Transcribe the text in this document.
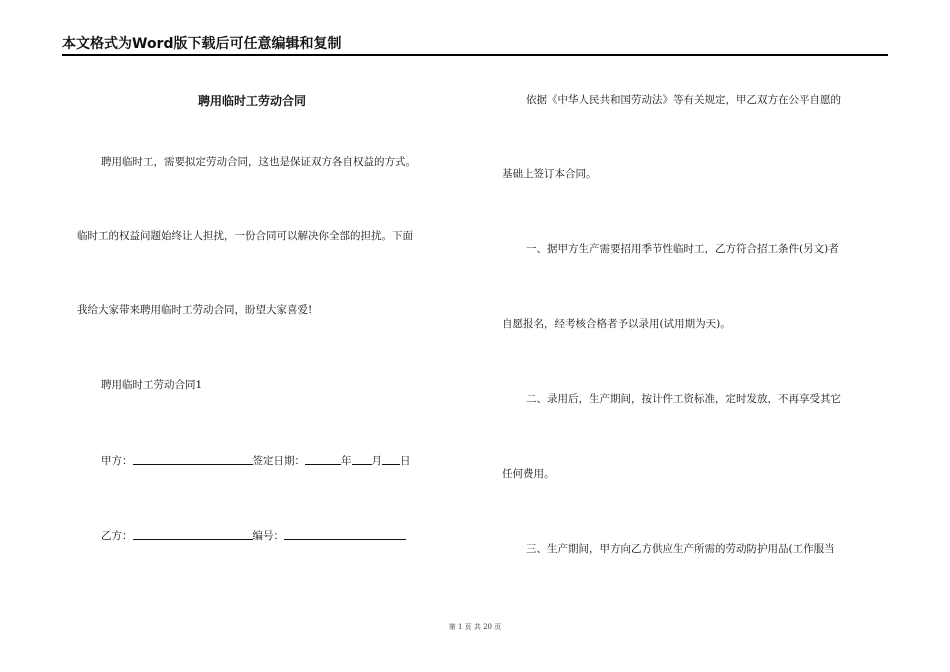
本文格式为Word版下载后可任意编辑和复制
聘用临时工劳动合同
聘用临时工，需要拟定劳动合同，这也是保证双方各自权益的方式。
临时工的权益问题始终让人担扰，一份合同可以解决你全部的担扰。下面
我给大家带来聘用临时工劳动合同，盼望大家喜爱!
聘用临时工劳动合同1
甲方：	签定日期：	年 月 日
乙方：	编号：
依据《中华人民共和国劳动法》等有关规定，甲乙双方在公平自愿的
基础上签订本合同。
一、据甲方生产需要招用季节性临时工，乙方符合招工条件(另文)者
自愿报名，经考核合格者予以录用(试用期为天)。
二、录用后，生产期间，按计件工资标准，定时发放，不再享受其它
任何费用。
三、生产期间，甲方向乙方供应生产所需的劳动防护用品(工作服当
第 1 页 共 20 页
